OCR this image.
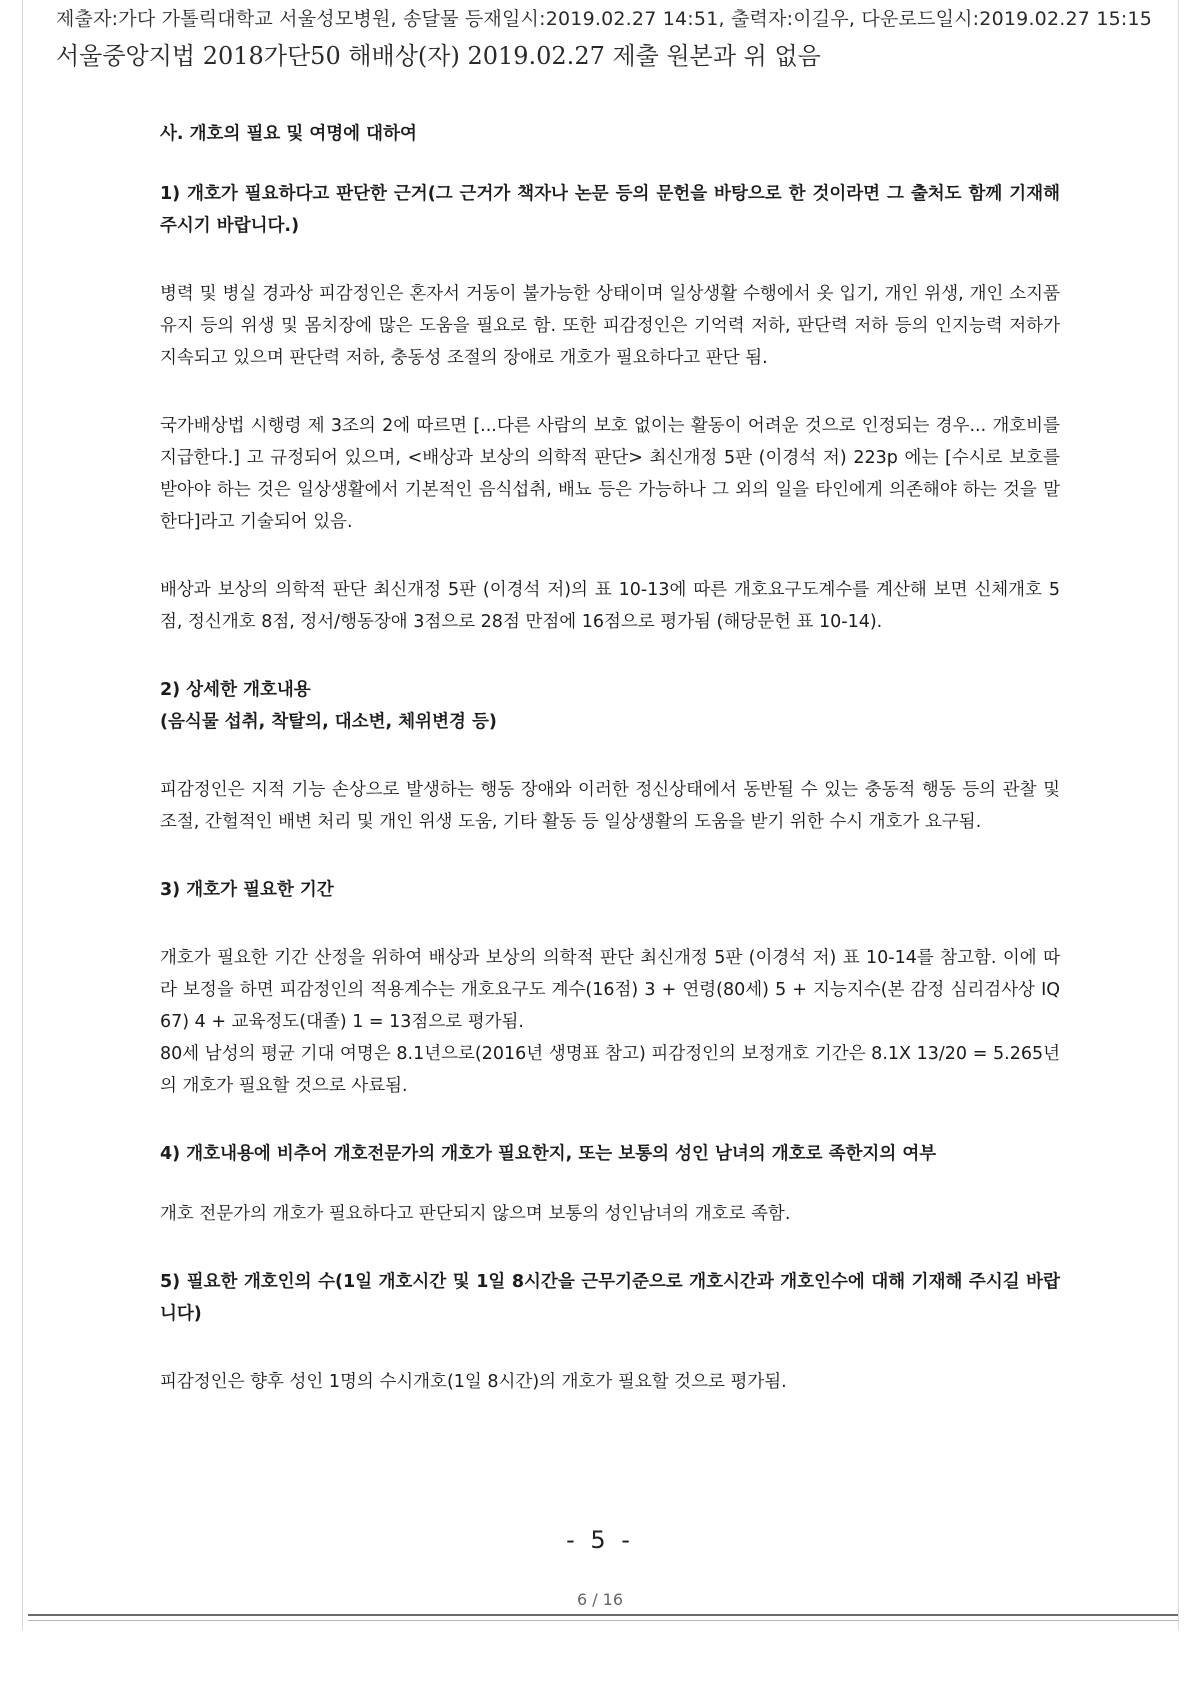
제출자:가다 가톨릭대학교 서울성모병원, 송달물 등재일시:2019.02.27 14:51, 출력자:이길우, 다운로드일시:2019.02.27 15:15
서울중앙지법 2018가단50 해배상(자) 2019.02.27 제출 원본과 위 없음

사. 개호의 필요 및 여명에 대하여

1) 개호가 필요하다고 판단한 근거(그 근거가 책자나 논문 등의 문헌을 바탕으로 한 것이라면 그 출처도 함께 기재해주시기 바랍니다.)

병력 및 병실 경과상 피감정인은 혼자서 거동이 불가능한 상태이며 일상생활 수행에서 옷 입기, 개인 위생, 개인 소지품 유지 등의 위생 및 몸치장에 많은 도움을 필요로 함. 또한 피감정인은 기억력 저하, 판단력 저하 등의 인지능력 저하가 지속되고 있으며 판단력 저하, 충동성 조절의 장애로 개호가 필요하다고 판단 됨.

국가배상법 시행령 제 3조의 2에 따르면 [...다른 사람의 보호 없이는 활동이 어려운 것으로 인정되는 경우... 개호비를 지급한다.] 고 규정되어 있으며, <배상과 보상의 의학적 판단> 최신개정 5판 (이경석 저) 223p 에는 [수시로 보호를 받아야 하는 것은 일상생활에서 기본적인 음식섭취, 배뇨 등은 가능하나 그 외의 일을 타인에게 의존해야 하는 것을 말한다]라고 기술되어 있음.

배상과 보상의 의학적 판단 최신개정 5판 (이경석 저)의 표 10-13에 따른 개호요구도계수를 계산해 보면 신체개호 5점, 정신개호 8점, 정서/행동장애 3점으로 28점 만점에 16점으로 평가됨 (해당문헌 표 10-14).

2) 상세한 개호내용

(음식물 섭취, 착탈의, 대소변, 체위변경 등)

피감정인은 지적 기능 손상으로 발생하는 행동 장애와 이러한 정신상태에서 동반될 수 있는 충동적 행동 등의 관찰 및 조절, 간헐적인 배변 처리 및 개인 위생 도움, 기타 활동 등 일상생활의 도움을 받기 위한 수시 개호가 요구됨.

3) 개호가 필요한 기간

개호가 필요한 기간 산정을 위하여 배상과 보상의 의학적 판단 최신개정 5판 (이경석 저) 표 10-14를 참고함. 이에 따라 보정을 하면 피감정인의 적용계수는 개호요구도 계수(16점) 3 + 연령(80세) 5 + 지능지수(본 감정 심리검사상 IQ 67) 4 + 교육정도(대졸) 1 = 13점으로 평가됨.

80세 남성의 평균 기대 여명은 8.1년으로(2016년 생명표 참고) 피감정인의 보정개호 기간은 8.1X 13/20 = 5.265년의 개호가 필요할 것으로 사료됨.

4) 개호내용에 비추어 개호전문가의 개호가 필요한지, 또는 보통의 성인 남녀의 개호로 족한지의 여부

개호 전문가의 개호가 필요하다고 판단되지 않으며 보통의 성인남녀의 개호로 족함.

5) 필요한 개호인의 수(1일 개호시간 및 1일 8시간을 근무기준으로 개호시간과 개호인수에 대해 기재해 주시길 바랍니다)

피감정인은 향후 성인 1명의 수시개호(1일 8시간)의 개호가 필요할 것으로 평가됨.

- 5 -
6 / 16
